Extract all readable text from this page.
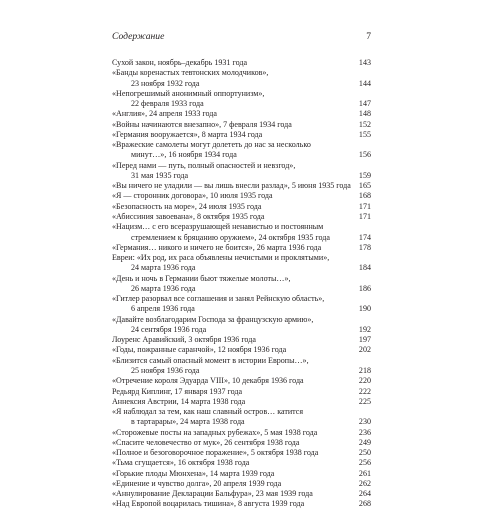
Содержание	7
Сухой закон, ноябрь–декабрь 1931 года	143
«Банды коренастых тевтонских молодчиков»,
23 ноября 1932 года	144
«Непогрешимый анонимный оппортунизм»,
22 февраля 1933 года	147
«Англия», 24 апреля 1933 года	148
«Войны начинаются внезапно», 7 февраля 1934 года	152
«Германия вооружается», 8 марта 1934 года	155
«Вражеские самолеты могут долететь до нас за несколько
минут…», 16 ноября 1934 года	156
«Перед нами — путь, полный опасностей и невзгод»,
31 мая 1935 года	159
«Вы ничего не уладили — вы лишь внесли разлад», 5 июня 1935 года	165
«Я — сторонник договора», 10 июля 1935 года	168
«Безопасность на море», 24 июля 1935 года	171
«Абиссиния завоевана», 8 октября 1935 года	171
«Нацизм… с его всеразрушающей ненавистью и постоянным
стремлением к бряцанию оружием», 24 октября 1935 года	174
«Германия… никого и ничего не боится», 26 марта 1936 года	178
Евреи: «Их род, их раса объявлены нечистыми и проклятыми»,
24 марта 1936 года	184
«День и ночь в Германии бьют тяжелые молоты…»,
26 марта 1936 года	186
«Гитлер разорвал все соглашения и занял Рейнскую область»,
6 апреля 1936 года	190
«Давайте возблагодарим Господа за французскую армию»,
24 сентября 1936 года	192
Лоуренс Аравийский, 3 октября 1936 года	197
«Годы, пожранные саранчой», 12 ноября 1936 года	202
«Близится самый опасный момент в истории Европы…»,
25 ноября 1936 года	218
«Отречение короля Эдуарда VIII», 10 декабря 1936 года	220
Редьярд Киплинг, 17 января 1937 года	222
Аннексия Австрии, 14 марта 1938 года	225
«Я наблюдал за тем, как наш славный остров… катится
в тартарары», 24 марта 1938 года	230
«Сторожевые посты на западных рубежах», 5 мая 1938 года	236
«Спасите человечество от мук», 26 сентября 1938 года	249
«Полное и безоговорочное поражение», 5 октября 1938 года	250
«Тьма сгущается», 16 октября 1938 года	256
«Горькие плоды Мюнхена», 14 марта 1939 года	261
«Единение и чувство долга», 20 апреля 1939 года	262
«Аннулирование Декларации Бальфура», 23 мая 1939 года	264
«Над Европой воцарилась тишина», 8 августа 1939 года	268
